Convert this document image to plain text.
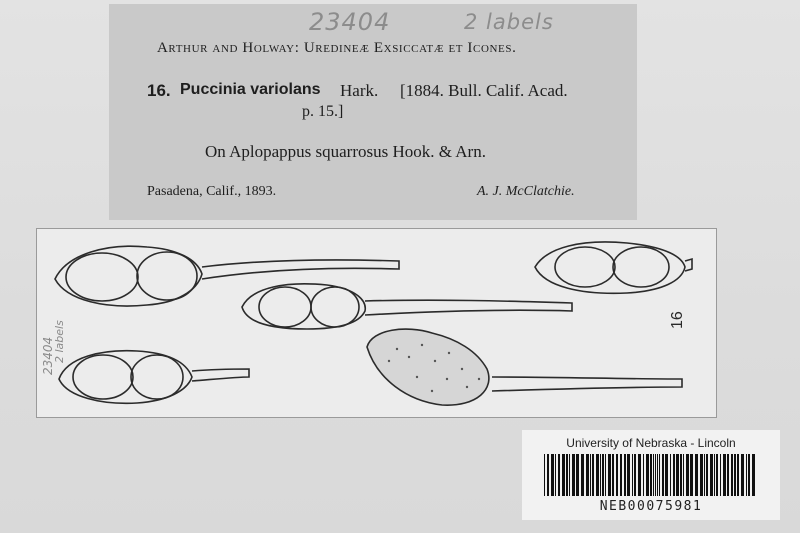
23404	2 labels
Arthur and Holway: Uredineæ Exsiccatæ et Icones.
16. Puccinia variolans Hark. [1884. Bull. Calif. Acad.
p. 15.]
On Aplopappus squarrosus Hook. & Arn.
Pasadena, Calif., 1893.	A. J. McClatchie.
23404
2 labels
16
University of Nebraska - Lincoln
NEB00075981
